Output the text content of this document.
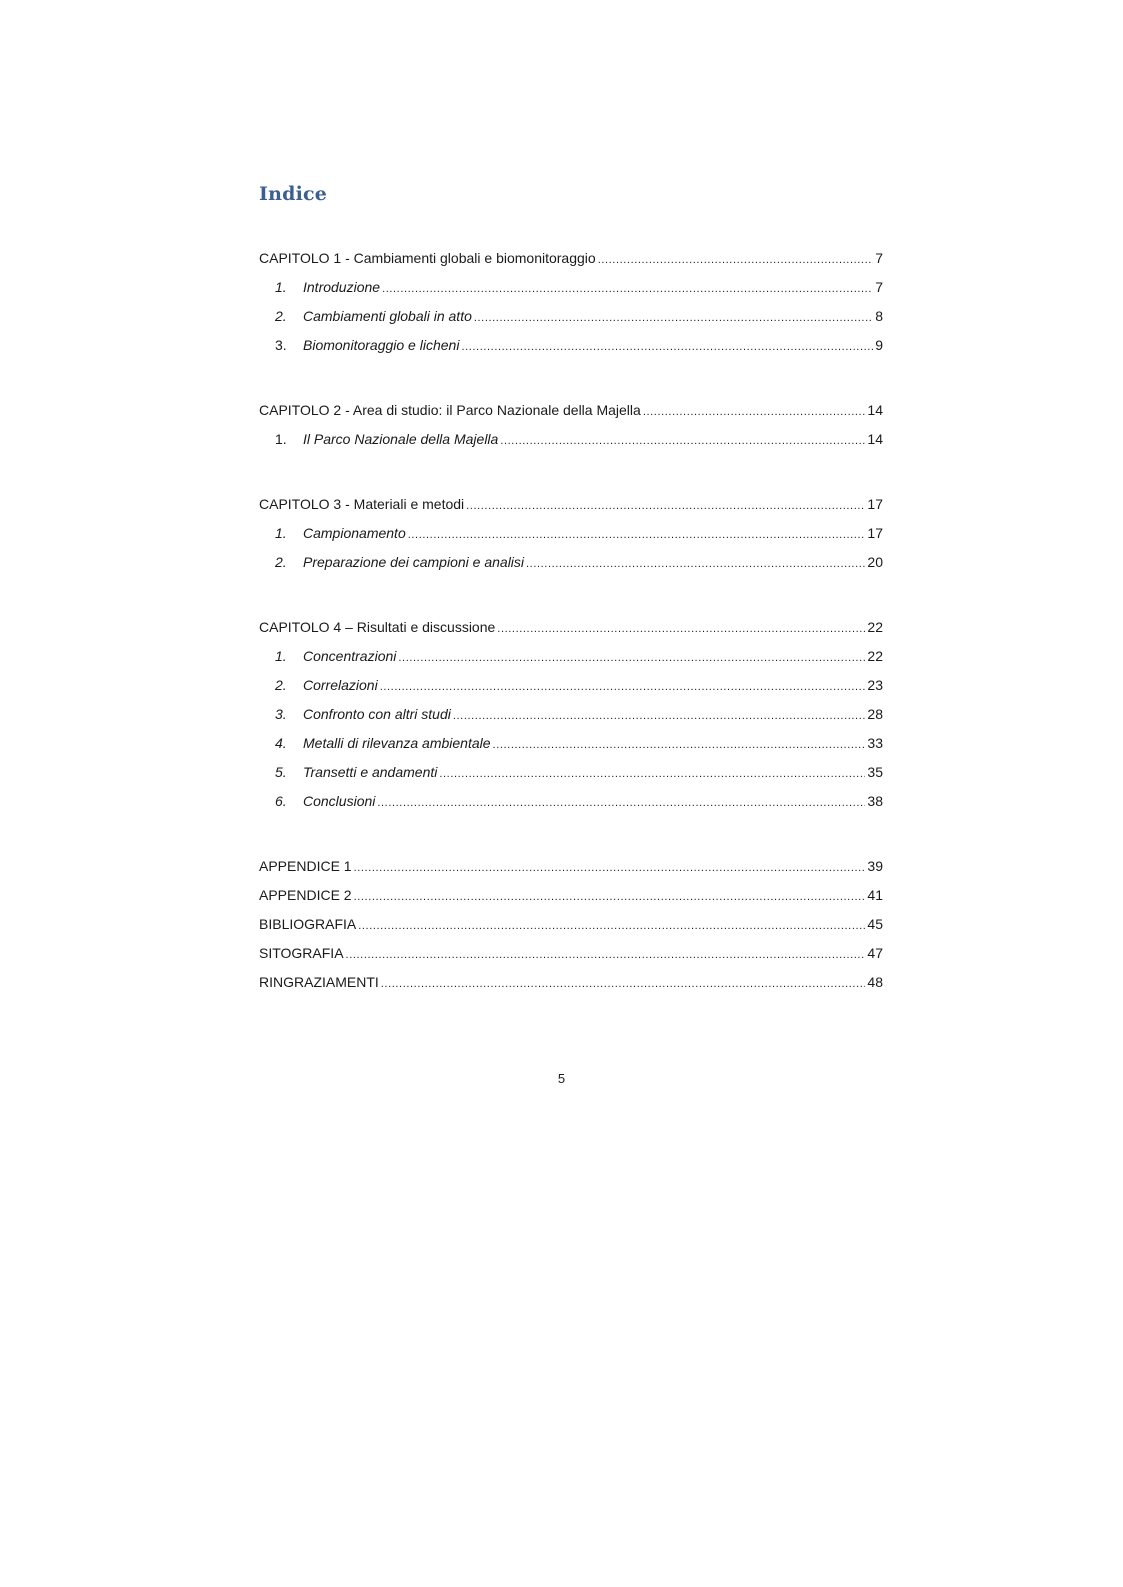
Indice
CAPITOLO 1 - Cambiamenti globali e biomonitoraggio .....	7
1.	Introduzione .....	7
2.	Cambiamenti globali in atto .....	8
3.	Biomonitoraggio e licheni .....	9
CAPITOLO 2 - Area di studio: il Parco Nazionale della Majella .....	14
1.	Il Parco Nazionale della Majella .....	14
CAPITOLO 3 - Materiali e metodi .....	17
1.	Campionamento .....	17
2.	Preparazione dei campioni e analisi .....	20
CAPITOLO 4 – Risultati e discussione .....	22
1.	Concentrazioni .....	22
2.	Correlazioni .....	23
3.	Confronto con altri studi .....	28
4.	Metalli di rilevanza ambientale .....	33
5.	Transetti e andamenti .....	35
6.	Conclusioni .....	38
APPENDICE 1 .....	39
APPENDICE 2 .....	41
BIBLIOGRAFIA .....	45
SITOGRAFIA .....	47
RINGRAZIAMENTI .....	48
5
